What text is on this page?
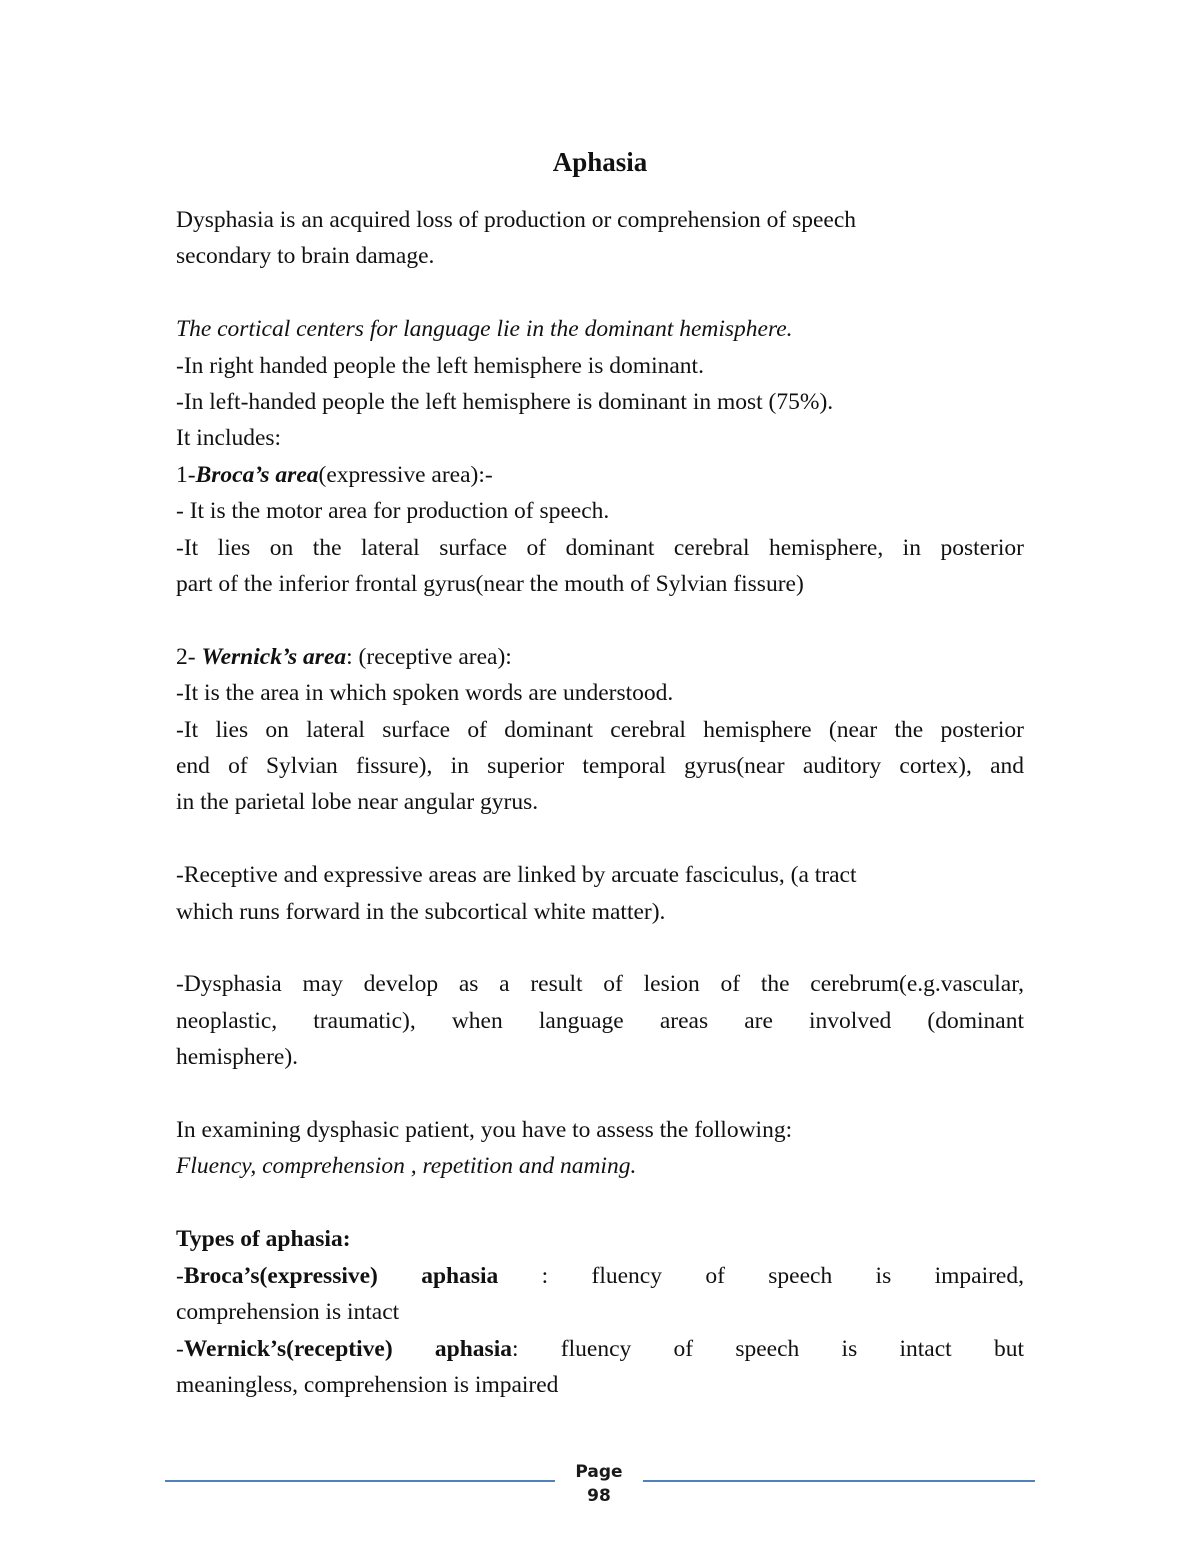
Aphasia
Dysphasia is an acquired loss of production or comprehension of speech
secondary to brain damage.
The cortical centers for language lie in the dominant hemisphere.
-In right handed people the left hemisphere is dominant.
-In left-handed people the left hemisphere is dominant in most (75%).
It includes:
1-Broca’s area(expressive area):-
- It is the motor area for production of speech.
-It lies on the lateral surface of dominant cerebral hemisphere, in posterior
part of the inferior frontal gyrus(near the mouth of Sylvian fissure)
2- Wernick’s area: (receptive area):
-It is the area in which spoken words are understood.
-It lies on lateral surface of dominant cerebral hemisphere (near the posterior
end of Sylvian fissure), in superior temporal gyrus(near auditory cortex), and
in the parietal lobe near angular gyrus.
-Receptive and expressive areas are linked by arcuate fasciculus, (a tract
which runs forward in the subcortical white matter).
-Dysphasia may develop as a result of lesion of the cerebrum(e.g.vascular,
neoplastic, traumatic), when language areas are involved (dominant
hemisphere).
In examining dysphasic patient, you have to assess the following:
Fluency, comprehension , repetition and naming.
Types of aphasia:
-Broca’s(expressive) aphasia : fluency of speech is impaired,
comprehension is intact
-Wernick’s(receptive) aphasia: fluency of speech is intact but
meaningless, comprehension is impaired
Page
98
